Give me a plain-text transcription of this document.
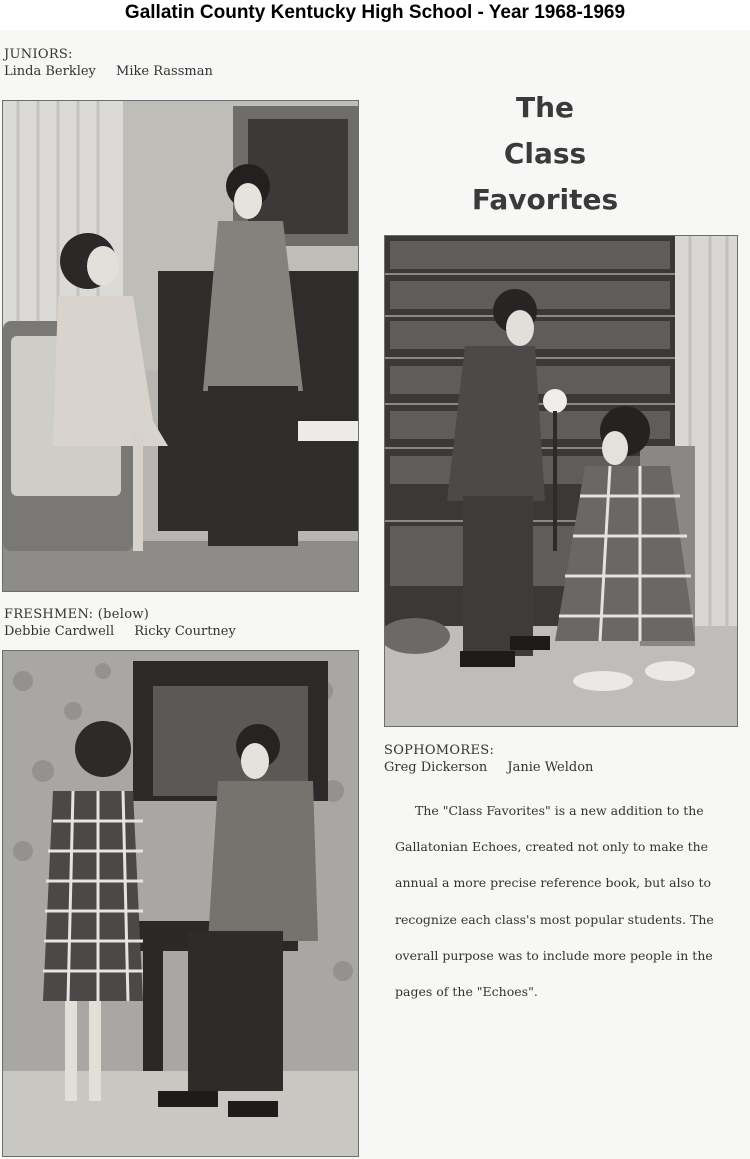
Gallatin County Kentucky High School - Year 1968-1969
JUNIORS:
Linda Berkley Mike Rassman
FRESHMEN: (below)
Debbie Cardwell Ricky Courtney
The
Class
Favorites
SOPHOMORES:
Greg Dickerson Janie Weldon

The "Class Favorites" is a new addition to the Gallatonian Echoes, created not only to make the annual a more precise reference book, but also to recognize each class's most popular students. The overall purpose was to include more people in the pages of the "Echoes".
